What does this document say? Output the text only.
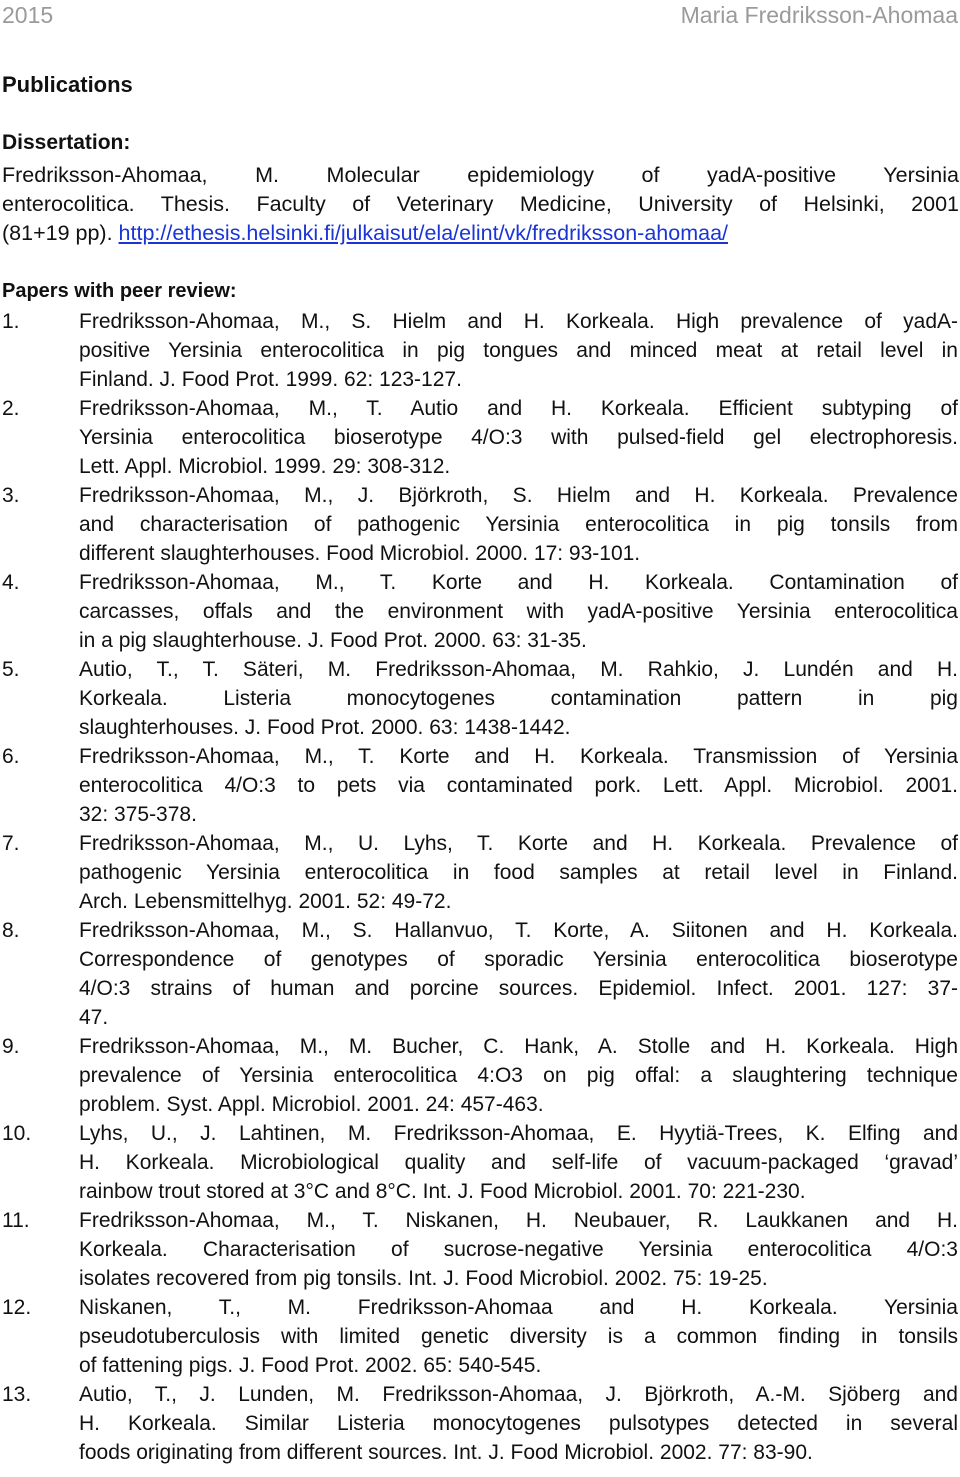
2015	Maria Fredriksson-Ahomaa
Publications
Dissertation:
Fredriksson-Ahomaa, M. Molecular epidemiology of yadA-positive Yersinia
enterocolitica. Thesis. Faculty of Veterinary Medicine, University of Helsinki, 2001
(81+19 pp). http://ethesis.helsinki.fi/julkaisut/ela/elint/vk/fredriksson-ahomaa/
Papers with peer review:
1.	Fredriksson-Ahomaa, M., S. Hielm and H. Korkeala. High prevalence of yadA-
positive Yersinia enterocolitica in pig tongues and minced meat at retail level in
Finland. J. Food Prot. 1999. 62: 123-127.
2.	Fredriksson-Ahomaa, M., T. Autio and H. Korkeala. Efficient subtyping of
Yersinia enterocolitica bioserotype 4/O:3 with pulsed-field gel electrophoresis.
Lett. Appl. Microbiol. 1999. 29: 308-312.
3.	Fredriksson-Ahomaa, M., J. Björkroth, S. Hielm and H. Korkeala. Prevalence
and characterisation of pathogenic Yersinia enterocolitica in pig tonsils from
different slaughterhouses. Food Microbiol. 2000. 17: 93-101.
4.	Fredriksson-Ahomaa, M., T. Korte and H. Korkeala. Contamination of
carcasses, offals and the environment with yadA-positive Yersinia enterocolitica
in a pig slaughterhouse. J. Food Prot. 2000. 63: 31-35.
5.	Autio, T., T. Säteri, M. Fredriksson-Ahomaa, M. Rahkio, J. Lundén and H.
Korkeala. Listeria monocytogenes contamination pattern in pig
slaughterhouses. J. Food Prot. 2000. 63: 1438-1442.
6.	Fredriksson-Ahomaa, M., T. Korte and H. Korkeala. Transmission of Yersinia
enterocolitica 4/O:3 to pets via contaminated pork. Lett. Appl. Microbiol. 2001.
32: 375-378.
7.	Fredriksson-Ahomaa, M., U. Lyhs, T. Korte and H. Korkeala. Prevalence of
pathogenic Yersinia enterocolitica in food samples at retail level in Finland.
Arch. Lebensmittelhyg. 2001. 52: 49-72.
8.	Fredriksson-Ahomaa, M., S. Hallanvuo, T. Korte, A. Siitonen and H. Korkeala.
Correspondence of genotypes of sporadic Yersinia enterocolitica bioserotype
4/O:3 strains of human and porcine sources. Epidemiol. Infect. 2001. 127: 37-
47.
9.	Fredriksson-Ahomaa, M., M. Bucher, C. Hank, A. Stolle and H. Korkeala. High
prevalence of Yersinia enterocolitica 4:O3 on pig offal: a slaughtering technique
problem. Syst. Appl. Microbiol. 2001. 24: 457-463.
10. Lyhs, U., J. Lahtinen, M. Fredriksson-Ahomaa, E. Hyytiä-Trees, K. Elfing and
H. Korkeala. Microbiological quality and self-life of vacuum-packaged ‘gravad’
rainbow trout stored at 3°C and 8°C. Int. J. Food Microbiol. 2001. 70: 221-230.
11. Fredriksson-Ahomaa, M., T. Niskanen, H. Neubauer, R. Laukkanen and H.
Korkeala. Characterisation of sucrose-negative Yersinia enterocolitica 4/O:3
isolates recovered from pig tonsils. Int. J. Food Microbiol. 2002. 75: 19-25.
12. Niskanen, T., M. Fredriksson-Ahomaa and H. Korkeala. Yersinia
pseudotuberculosis with limited genetic diversity is a common finding in tonsils
of fattening pigs. J. Food Prot. 2002. 65: 540-545.
13. Autio, T., J. Lunden, M. Fredriksson-Ahomaa, J. Björkroth, A.-M. Sjöberg and
H. Korkeala. Similar Listeria monocytogenes pulsotypes detected in several
foods originating from different sources. Int. J. Food Microbiol. 2002. 77: 83-90.
